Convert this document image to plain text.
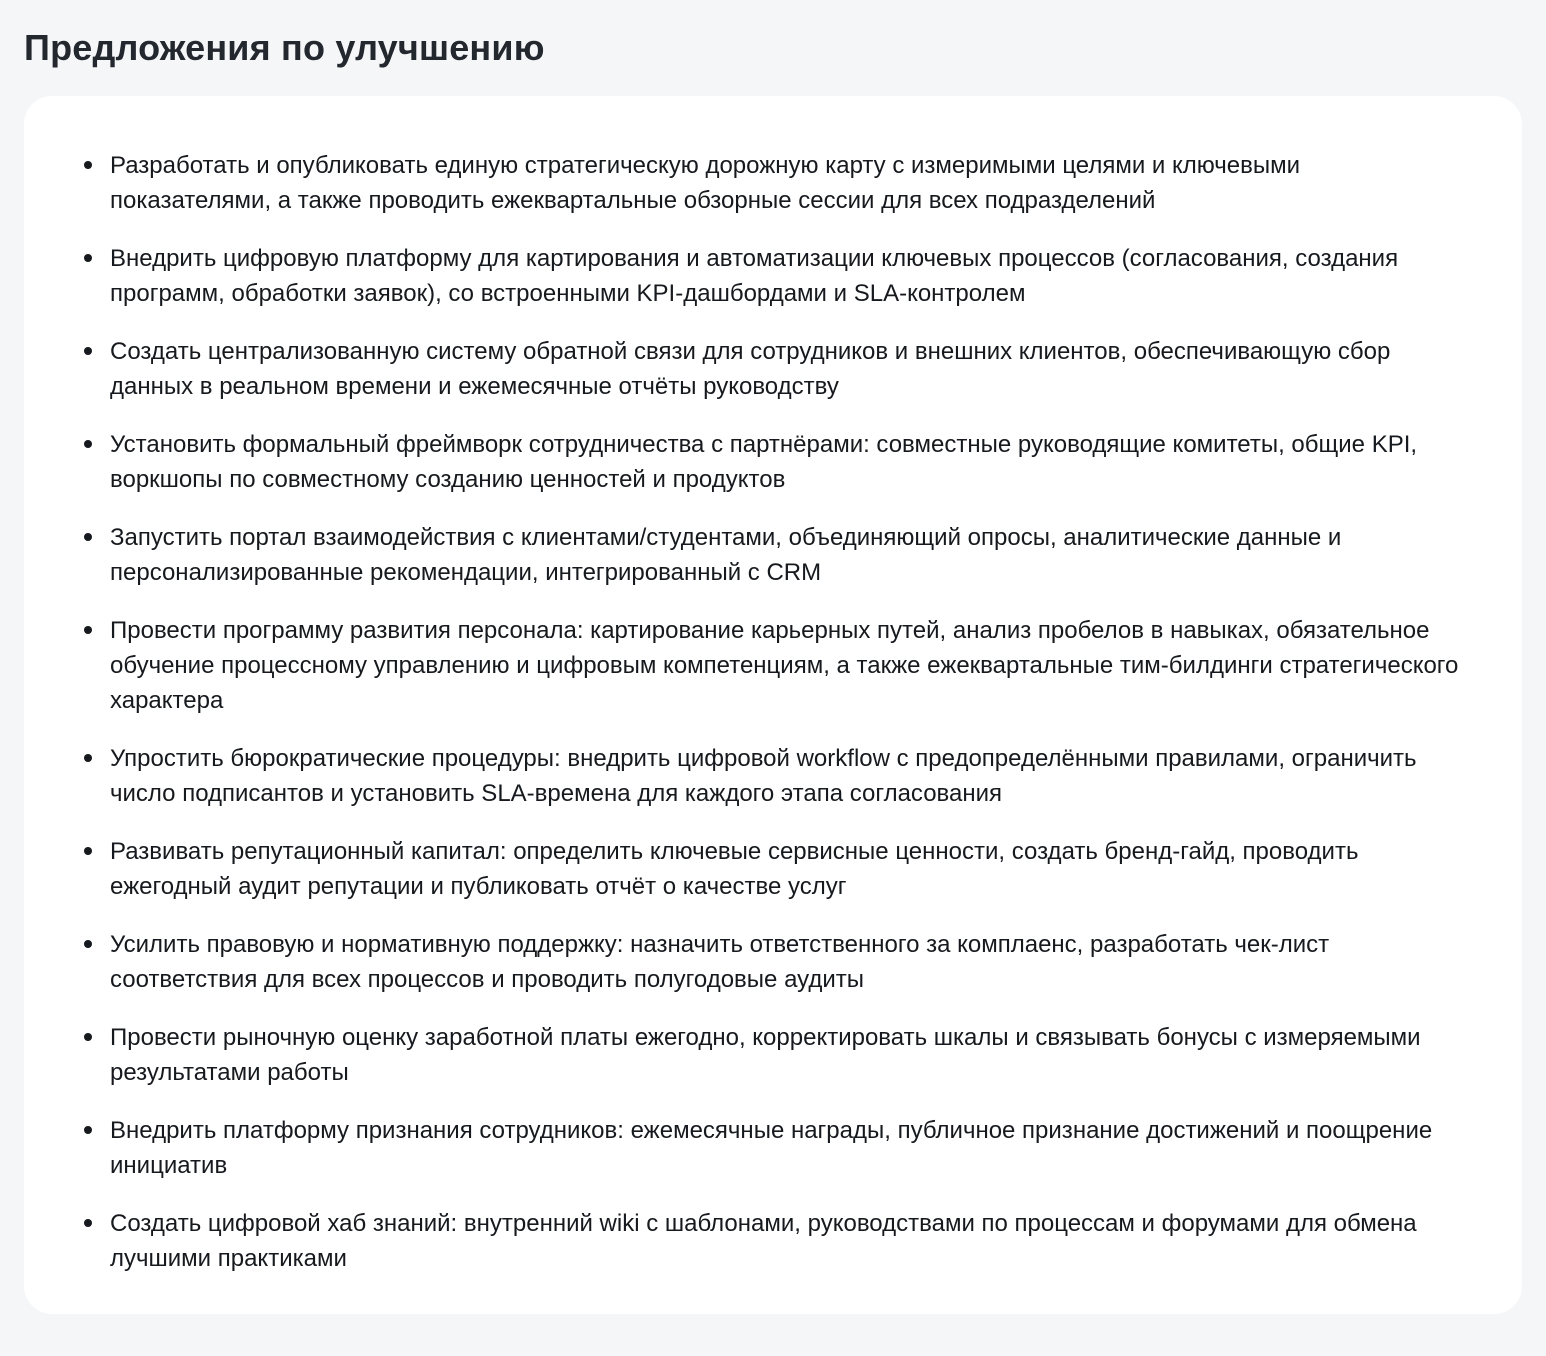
Предложения по улучшению
Разработать и опубликовать единую стратегическую дорожную карту с измеримыми целями и ключевыми показателями, а также проводить ежеквартальные обзорные сессии для всех подразделений
Внедрить цифровую платформу для картирования и автоматизации ключевых процессов (согласования, создания программ, обработки заявок), со встроенными KPI-дашбордами и SLA-контролем
Создать централизованную систему обратной связи для сотрудников и внешних клиентов, обеспечивающую сбор данных в реальном времени и ежемесячные отчёты руководству
Установить формальный фреймворк сотрудничества с партнёрами: совместные руководящие комитеты, общие KPI, воркшопы по совместному созданию ценностей и продуктов
Запустить портал взаимодействия с клиентами/студентами, объединяющий опросы, аналитические данные и персонализированные рекомендации, интегрированный с CRM
Провести программу развития персонала: картирование карьерных путей, анализ пробелов в навыках, обязательное обучение процессному управлению и цифровым компетенциям, а также ежеквартальные тим-билдинги стратегического характера
Упростить бюрократические процедуры: внедрить цифровой workflow с предопределёнными правилами, ограничить число подписантов и установить SLA-времена для каждого этапа согласования
Развивать репутационный капитал: определить ключевые сервисные ценности, создать бренд-гайд, проводить ежегодный аудит репутации и публиковать отчёт о качестве услуг
Усилить правовую и нормативную поддержку: назначить ответственного за комплаенс, разработать чек-лист соответствия для всех процессов и проводить полугодовые аудиты
Провести рыночную оценку заработной платы ежегодно, корректировать шкалы и связывать бонусы с измеряемыми результатами работы
Внедрить платформу признания сотрудников: ежемесячные награды, публичное признание достижений и поощрение инициатив
Создать цифровой хаб знаний: внутренний wiki с шаблонами, руководствами по процессам и форумами для обмена лучшими практиками
